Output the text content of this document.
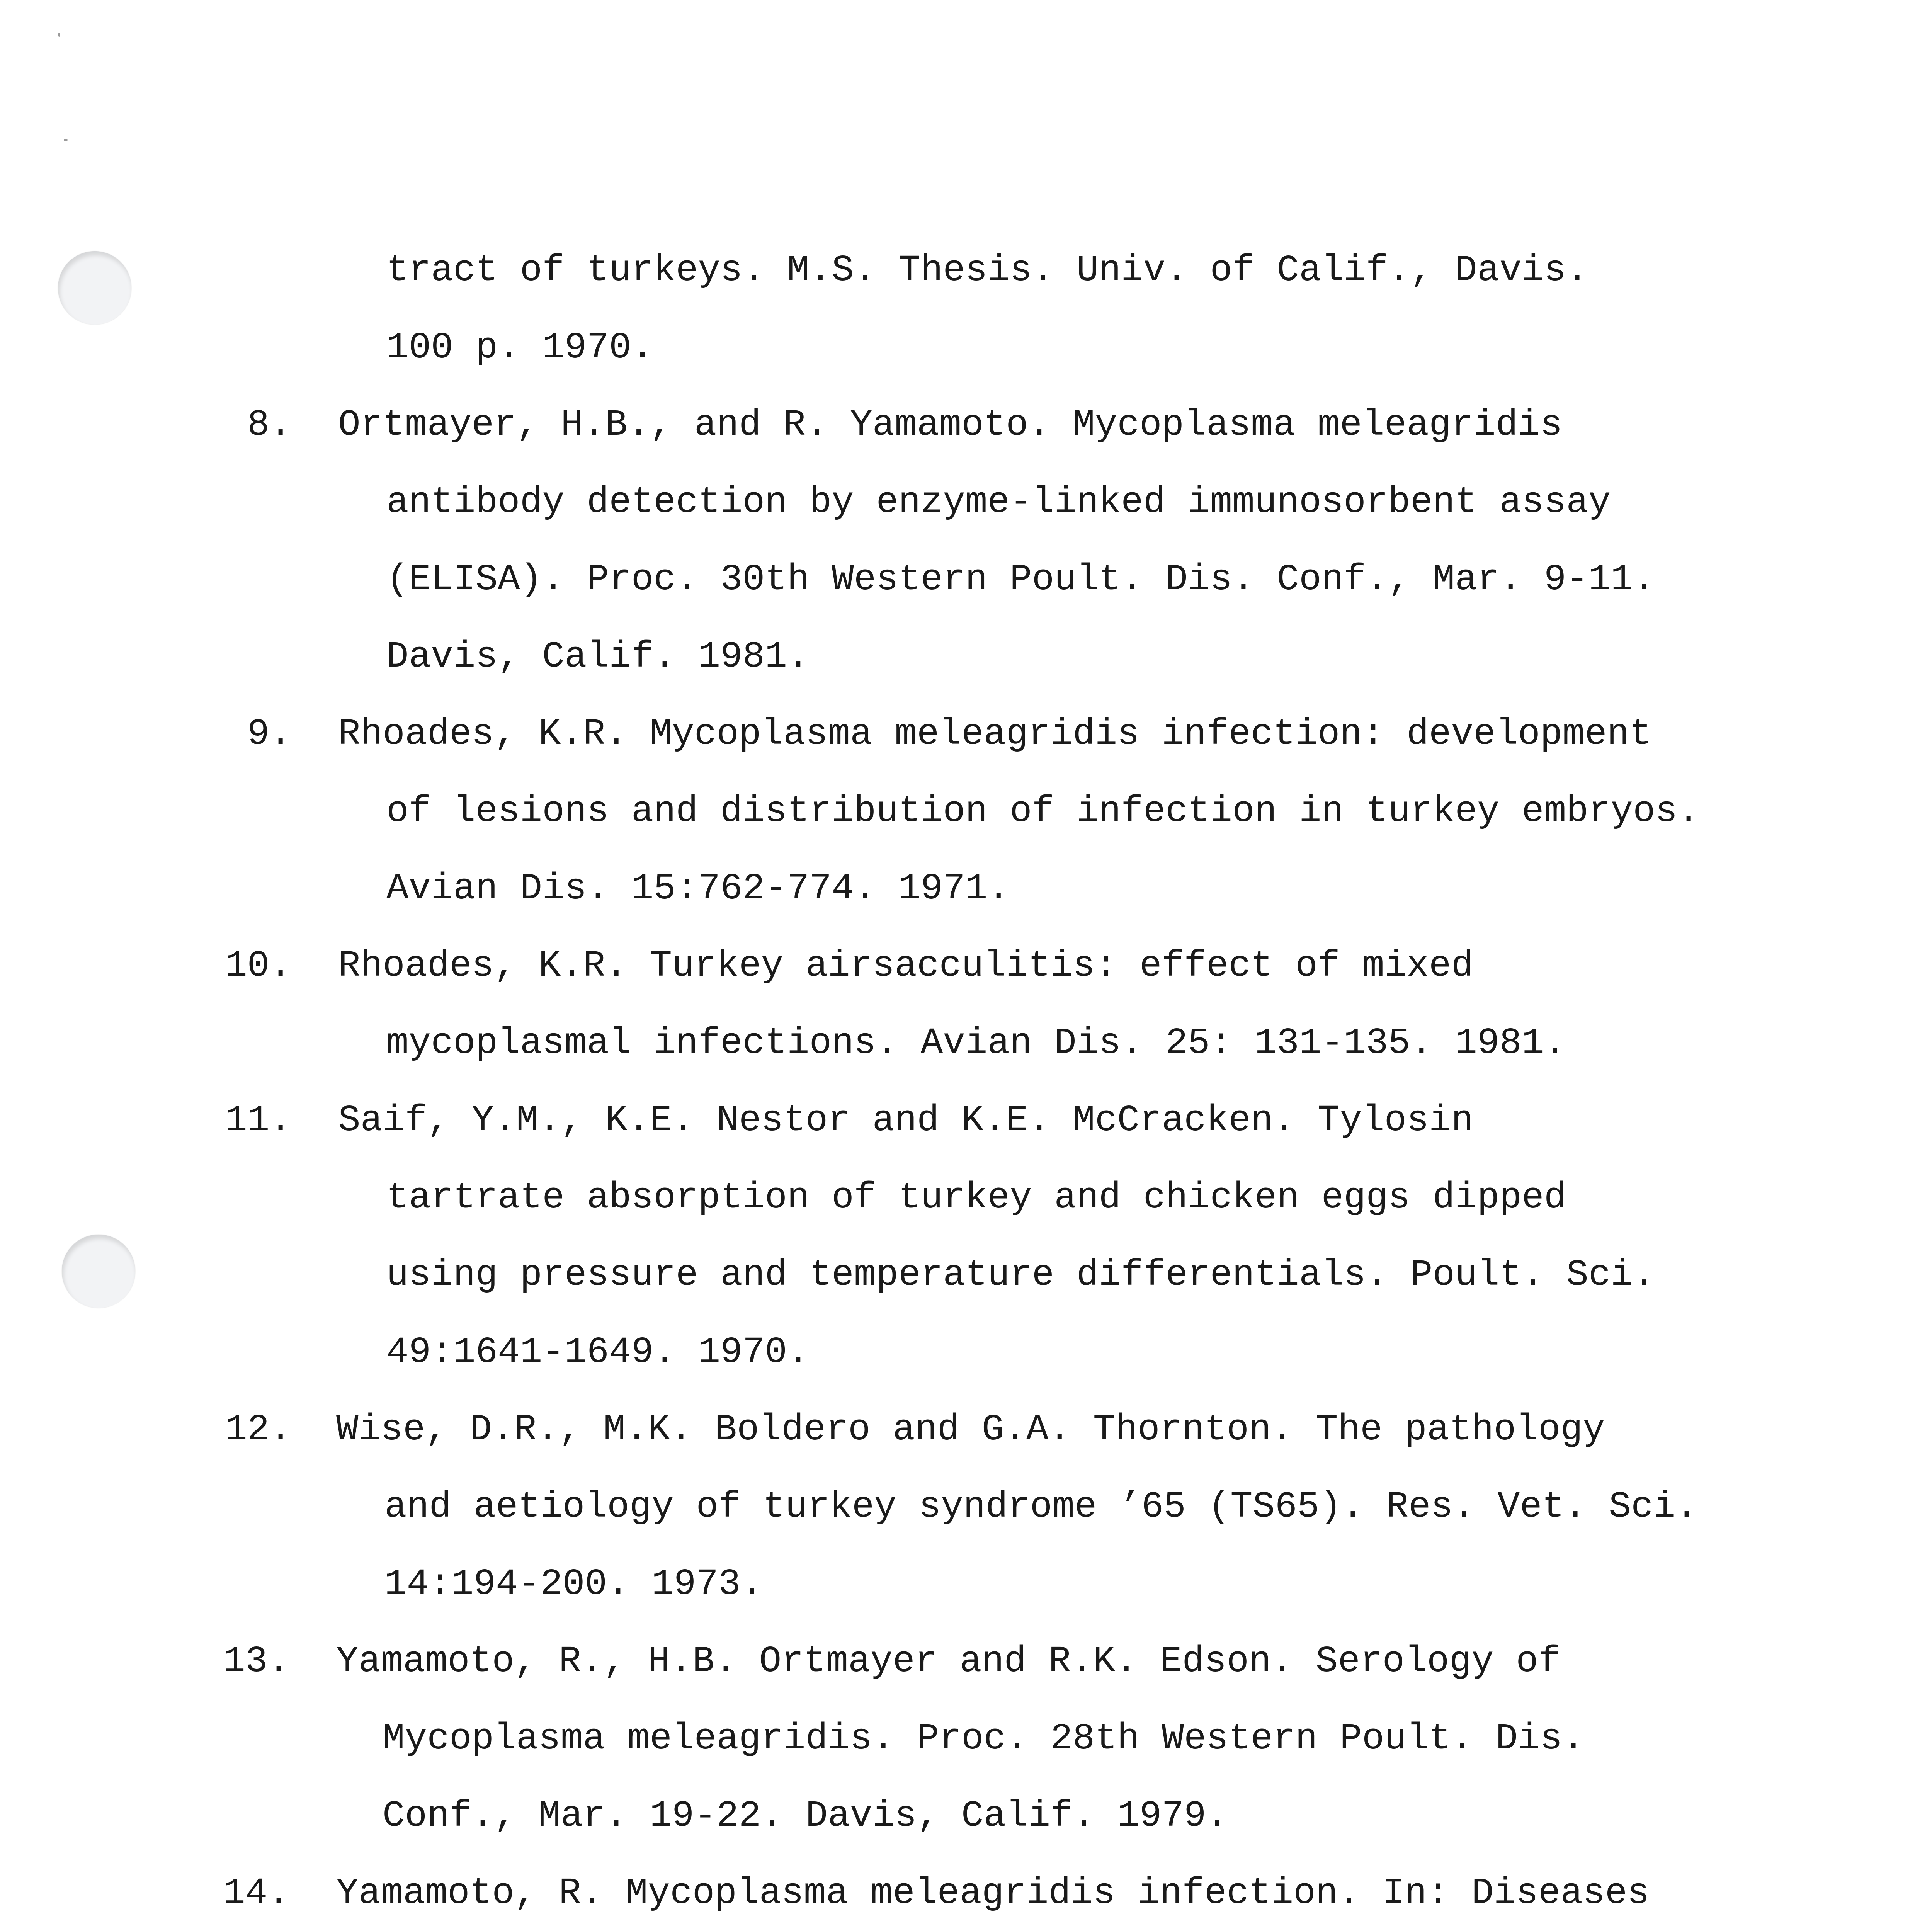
tract of turkeys. M.S. Thesis. Univ. of Calif., Davis.
100 p. 1970.
8. Ortmayer, H.B., and R. Yamamoto. Mycoplasma meleagridis
antibody detection by enzyme-linked immunosorbent assay
(ELISA). Proc. 30th Western Poult. Dis. Conf., Mar. 9-11.
Davis, Calif. 1981.
9. Rhoades, K.R. Mycoplasma meleagridis infection: development
of lesions and distribution of infection in turkey embryos.
Avian Dis. 15:762-774. 1971.
10. Rhoades, K.R. Turkey airsacculitis: effect of mixed
mycoplasmal infections. Avian Dis. 25: 131-135. 1981.
11. Saif, Y.M., K.E. Nestor and K.E. McCracken. Tylosin
tartrate absorption of turkey and chicken eggs dipped
using pressure and temperature differentials. Poult. Sci.
49:1641-1649. 1970.
12. Wise, D.R., M.K. Boldero and G.A. Thornton. The pathology
and aetiology of turkey syndrome ’65 (TS65). Res. Vet. Sci.
14:194-200. 1973.
13. Yamamoto, R., H.B. Ortmayer and R.K. Edson. Serology of
Mycoplasma meleagridis. Proc. 28th Western Poult. Dis.
Conf., Mar. 19-22. Davis, Calif. 1979.
14. Yamamoto, R. Mycoplasma meleagridis infection. In: Diseases
